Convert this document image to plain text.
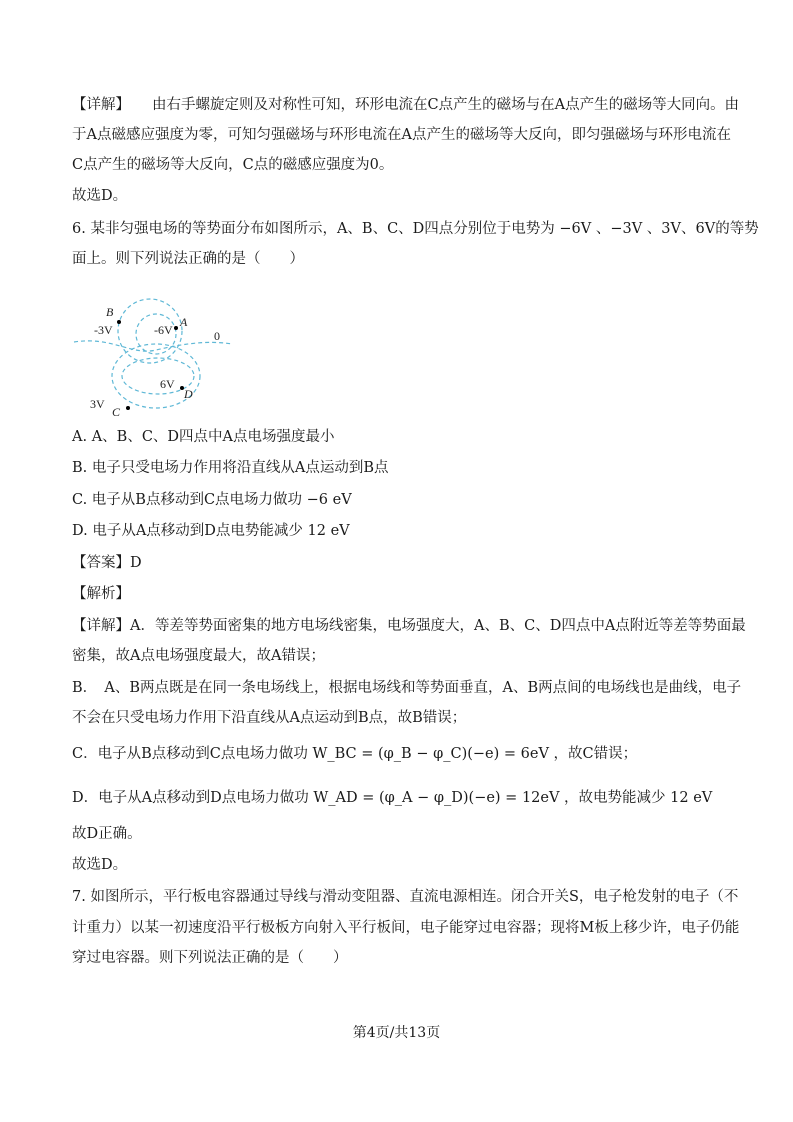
【详解】 由右手螺旋定则及对称性可知，环形电流在C点产生的磁场与在A点产生的磁场等大同向。由
于A点磁感应强度为零，可知匀强磁场与环形电流在A点产生的磁场等大反向，即匀强磁场与环形电流在
C点产生的磁场等大反向，C点的磁感应强度为0。
故选D。
6. 某非匀强电场的等势面分布如图所示，A、B、C、D四点分别位于电势为 −6V 、−3V 、3V、6V的等势
面上。则下列说法正确的是（　　）
B
-3V	-6V
A
0
6V
D
3V
C
A. A、B、C、D四点中A点电场强度最小
B. 电子只受电场力作用将沿直线从A点运动到B点
C. 电子从B点移动到C点电场力做功 −6 eV
D. 电子从A点移动到D点电势能减少 12 eV
【答案】D
【解析】
【详解】A．等差等势面密集的地方电场线密集，电场强度大，A、B、C、D四点中A点附近等差等势面最
密集，故A点电场强度最大，故A错误；
B．　A、B两点既是在同一条电场线上，根据电场线和等势面垂直，A、B两点间的电场线也是曲线，电子
不会在只受电场力作用下沿直线从A点运动到B点，故B错误；
C．电子从B点移动到C点电场力做功 W_BC = (φ_B − φ_C)(−e) = 6eV ，故C错误；
D．电子从A点移动到D点电场力做功 W_AD = (φ_A − φ_D)(−e) = 12eV ，故电势能减少 12 eV
故D正确。
故选D。
7. 如图所示，平行板电容器通过导线与滑动变阻器、直流电源相连。闭合开关S，电子枪发射的电子（不
计重力）以某一初速度沿平行极板方向射入平行板间，电子能穿过电容器；现将M板上移少许，电子仍能
穿过电容器。则下列说法正确的是（　　）
第4页/共13页
